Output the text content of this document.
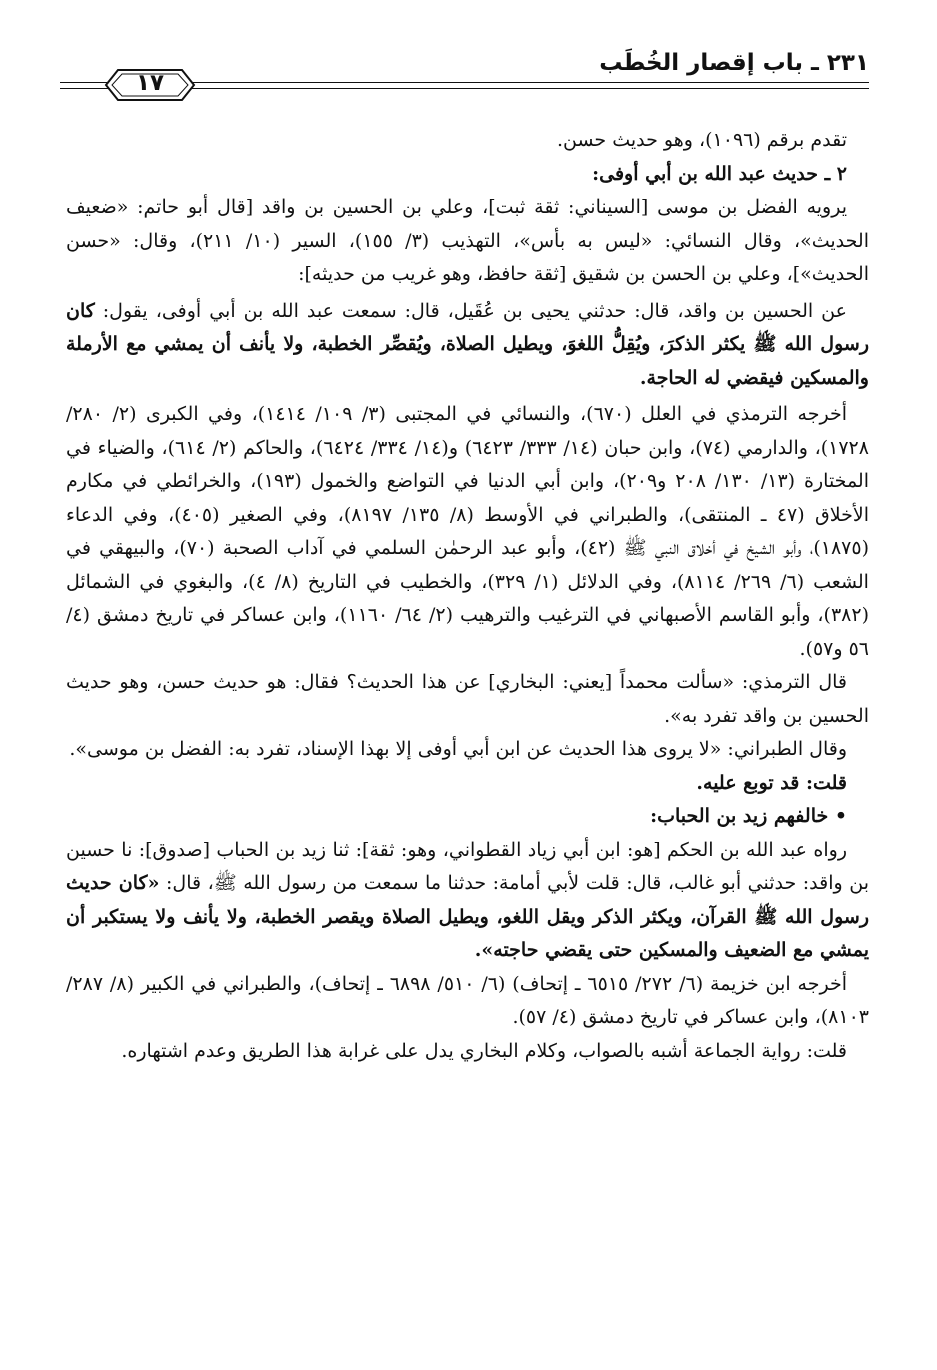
٢٣١ ـ باب إقصار الخُطَب
١٧

تقدم برقم (١٠٩٦)، وهو حديث حسن.

٢ ـ حديث عبد الله بن أبي أوفى:

يرويه الفضل بن موسى [السيناني: ثقة ثبت]، وعلي بن الحسين بن واقد [قال أبو حاتم: «ضعيف الحديث»، وقال النسائي: «ليس به بأس»، التهذيب (٣/ ١٥٥)، السير (١٠/ ٢١١)، وقال: «حسن الحديث»]، وعلي بن الحسن بن شقيق [ثقة حافظ، وهو غريب من حديثه]:

عن الحسين بن واقد، قال: حدثني يحيى بن عُقَيل، قال: سمعت عبد الله بن أبي أوفى، يقول: كان رسول الله ﷺ يكثر الذكرَ، ويُقِلُّ اللغوَ، ويطيل الصلاة، ويُقصِّر الخطبة، ولا يأنف أن يمشي مع الأرملة والمسكين فيقضي له الحاجة.

أخرجه الترمذي في العلل (٦٧٠)، والنسائي في المجتبى (٣/ ١٠٩/ ١٤١٤)، وفي الكبرى (٢/ ٢٨٠/ ١٧٢٨)، والدارمي (٧٤)، وابن حبان (١٤/ ٣٣٣/ ٦٤٢٣) و(١٤/ ٣٣٤/ ٦٤٢٤)، والحاكم (٢/ ٦١٤)، والضياء في المختارة (١٣/ ١٣٠/ ٢٠٨ و٢٠٩)، وابن أبي الدنيا في التواضع والخمول (١٩٣)، والخرائطي في مكارم الأخلاق (٤٧ ـ المنتقى)، والطبراني في الأوسط (٨/ ١٣٥/ ٨١٩٧)، وفي الصغير (٤٠٥)، وفي الدعاء (١٨٧٥)، وأبو الشيخ في أخلاق النبي ﷺ (٤٢)، وأبو عبد الرحمٰن السلمي في آداب الصحبة (٧٠)، والبيهقي في الشعب (٦/ ٢٦٩/ ٨١١٤)، وفي الدلائل (١/ ٣٢٩)، والخطيب في التاريخ (٨/ ٤)، والبغوي في الشمائل (٣٨٢)، وأبو القاسم الأصبهاني في الترغيب والترهيب (٢/ ٦٤/ ١١٦٠)، وابن عساكر في تاريخ دمشق (٤/ ٥٦ و٥٧).

قال الترمذي: «سألت محمداً [يعني: البخاري] عن هذا الحديث؟ فقال: هو حديث حسن، وهو حديث الحسين بن واقد تفرد به».

وقال الطبراني: «لا يروى هذا الحديث عن ابن أبي أوفى إلا بهذا الإسناد، تفرد به: الفضل بن موسى».

قلت: قد توبع عليه.

• خالفهم زيد بن الحباب:

رواه عبد الله بن الحكم [هو: ابن أبي زياد القطواني، وهو: ثقة]: ثنا زيد بن الحباب [صدوق]: نا حسين بن واقد: حدثني أبو غالب، قال: قلت لأبي أمامة: حدثنا ما سمعت من رسول الله ﷺ، قال: «كان حديث رسول الله ﷺ القرآن، ويكثر الذكر ويقل اللغو، ويطيل الصلاة ويقصر الخطبة، ولا يأنف ولا يستكبر أن يمشي مع الضعيف والمسكين حتى يقضي حاجته».

أخرجه ابن خزيمة (٦/ ٢٧٢/ ٦٥١٥ ـ إتحاف) (٦/ ٥١٠/ ٦٨٩٨ ـ إتحاف)، والطبراني في الكبير (٨/ ٢٨٧/ ٨١٠٣)، وابن عساكر في تاريخ دمشق (٤/ ٥٧).

قلت: رواية الجماعة أشبه بالصواب، وكلام البخاري يدل على غرابة هذا الطريق وعدم اشتهاره.
